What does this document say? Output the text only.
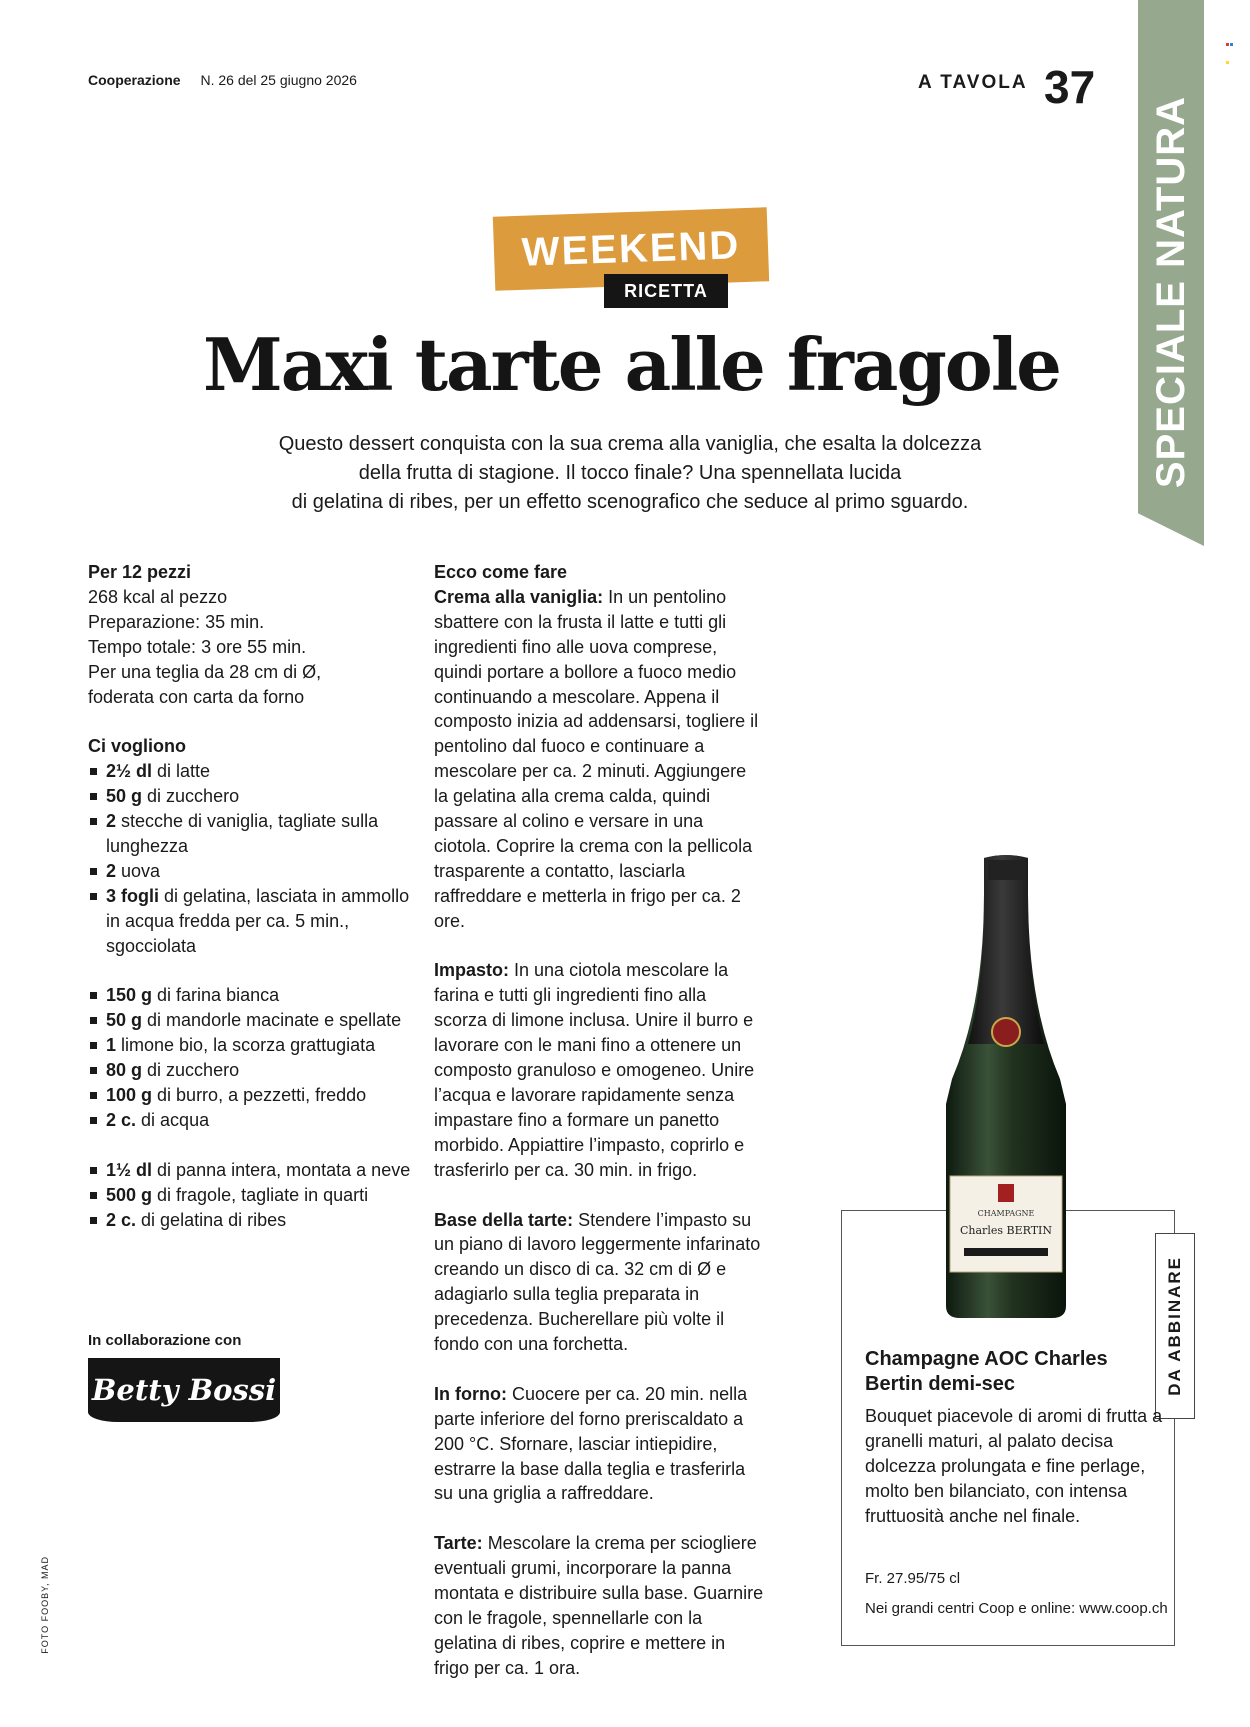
Cooperazione N. 26 del 25 giugno 2026	A TAVOLA 37
SPECIALE NATURA
WEEKEND
RICETTA
Maxi tarte alle fragole
Questo dessert conquista con la sua crema alla vaniglia, che esalta la dolcezza
della frutta di stagione. Il tocco finale? Una spennellata lucida
di gelatina di ribes, per un effetto scenografico che seduce al primo sguardo.
Per 12 pezzi
268 kcal al pezzo
Preparazione: 35 min.
Tempo totale: 3 ore 55 min.
Per una teglia da 28 cm di Ø,
foderata con carta da forno
Ci vogliono
2½ dl di latte
50 g di zucchero
2 stecche di vaniglia, tagliate sulla lunghezza
2 uova
3 fogli di gelatina, lasciata in ammollo in acqua fredda per ca. 5 min., sgocciolata
150 g di farina bianca
50 g di mandorle macinate e spellate
1 limone bio, la scorza grattugiata
80 g di zucchero
100 g di burro, a pezzetti, freddo
2 c. di acqua
1½ dl di panna intera, montata a neve
500 g di fragole, tagliate in quarti
2 c. di gelatina di ribes
In collaborazione con
Betty Bossi
FOTO FOOBY, MAD
Ecco come fare

Crema alla vaniglia: In un pentolino sbattere con la frusta il latte e tutti gli ingredienti fino alle uova comprese, quindi portare a bollore a fuoco medio continuando a mescolare. Appena il composto inizia ad addensarsi, togliere il pentolino dal fuoco e continuare a mescolare per ca. 2 minuti. Aggiungere la gelatina alla crema calda, quindi passare al colino e versare in una ciotola. Coprire la crema con la pellicola trasparente a contatto, lasciarla raffreddare e metterla in frigo per ca. 2 ore.

Impasto: In una ciotola mescolare la farina e tutti gli ingredienti fino alla scorza di limone inclusa. Unire il burro e lavorare con le mani fino a ottenere un composto granuloso e omogeneo. Unire l’acqua e lavorare rapidamente senza impastare fino a formare un panetto morbido. Appiattire l’impasto, coprirlo e trasferirlo per ca. 30 min. in frigo.

Base della tarte: Stendere l’impasto su un piano di lavoro leggermente infarinato creando un disco di ca. 32 cm di Ø e adagiarlo sulla teglia preparata in precedenza. Bucherellare più volte il fondo con una forchetta.

In forno: Cuocere per ca. 20 min. nella parte inferiore del forno preriscaldato a 200 °C. Sfornare, lasciar intiepidire, estrarre la base dalla teglia e trasferirla su una griglia a raffreddare.

Tarte: Mescolare la crema per sciogliere eventuali grumi, incorporare la panna montata e distribuire sulla base. Guarnire con le fragole, spennellarle con la gelatina di ribes, coprire e mettere in frigo per ca. 1 ora.

CHAMPAGNE
Charles BERTIN
DA ABBINARE
Champagne AOC Charles Bertin demi-sec
Bouquet piacevole di aromi di frutta a granelli maturi, al palato decisa dolcezza prolungata e fine perlage, molto ben bilanciato, con intensa fruttuosità anche nel finale.
Fr. 27.95/75 cl
Nei grandi centri Coop e online: www.coop.ch
